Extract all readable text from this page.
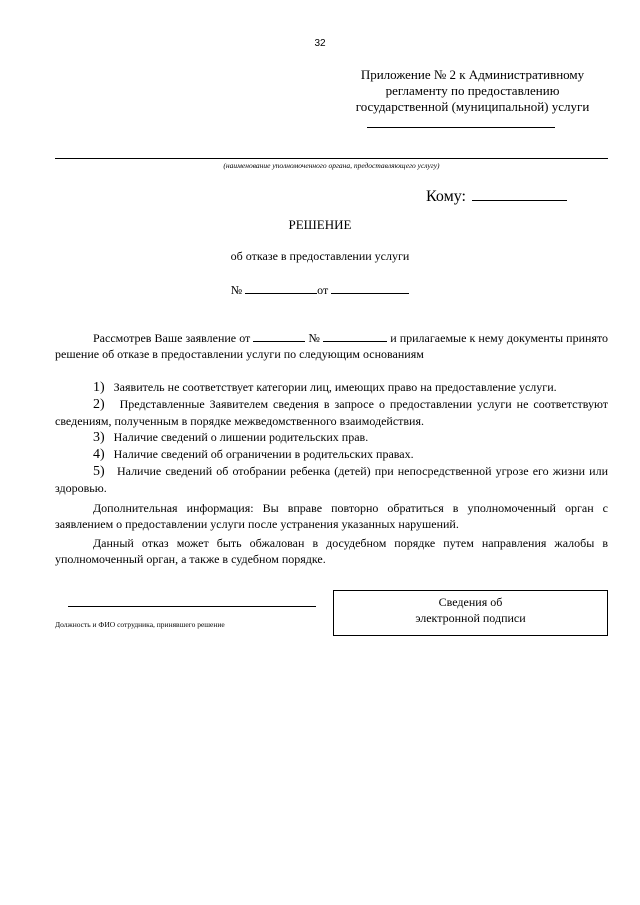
32
Приложение № 2 к Административному
регламенту по предоставлению
государственной (муниципальной) услуги
(наименование уполномоченного органа, предоставляющего услугу)
Кому:
РЕШЕНИЕ
об отказе в предоставлении услуги
№	от
Рассмотрев Ваше заявление от	№	и прилагаемые к нему документы принято решение об отказе в предоставлении услуги по следующим основаниям
1) Заявитель не соответствует категории лиц, имеющих право на предоставление услуги.
2) Представленные Заявителем сведения в запросе о предоставлении услуги не соответствуют сведениям, полученным в порядке межведомственного взаимодействия.
3) Наличие сведений о лишении родительских прав.
4) Наличие сведений об ограничении в родительских правах.
5) Наличие сведений об отобрании ребенка (детей) при непосредственной угрозе его жизни или здоровью.
Дополнительная информация: Вы вправе повторно обратиться в уполномоченный орган с заявлением о предоставлении услуги после устранения указанных нарушений.
Данный отказ может быть обжалован в досудебном порядке путем направления жалобы в уполномоченный орган, а также в судебном порядке.
Должность и ФИО сотрудника, принявшего решение
Сведения об
электронной подписи
